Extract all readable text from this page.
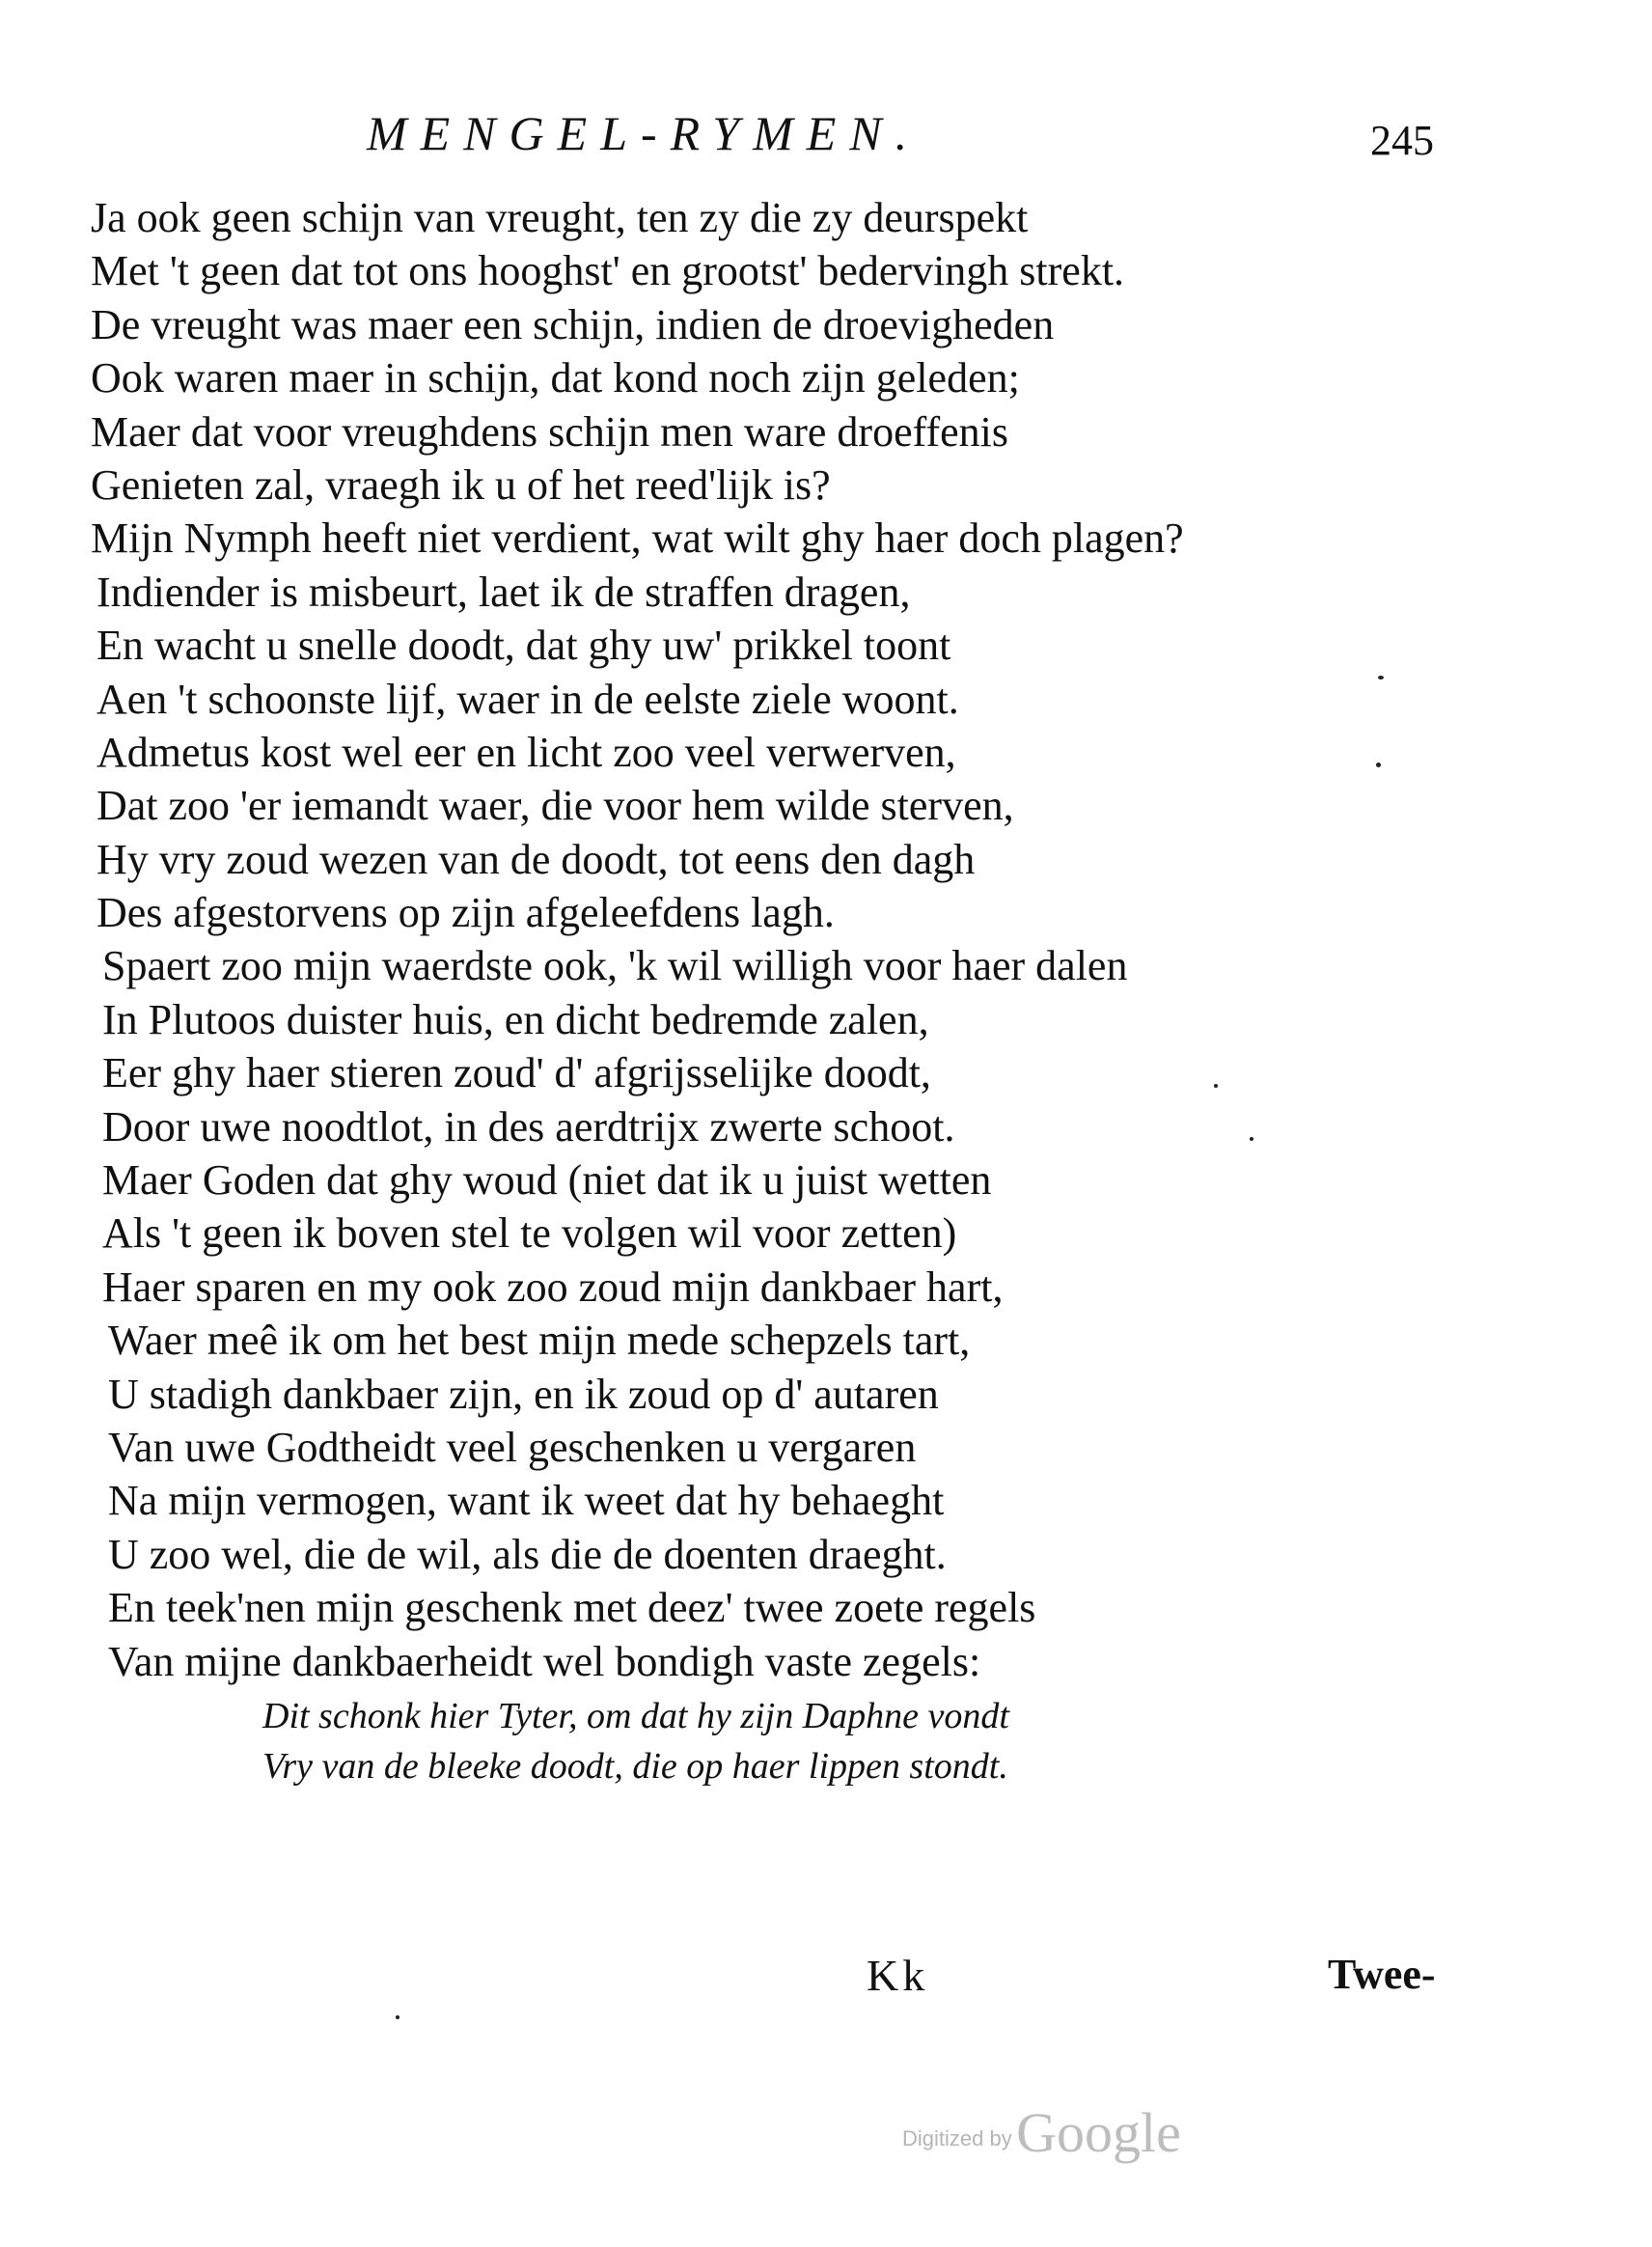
MENGEL-RYMEN.	245
Ja ook geen schijn van vreught, ten zy die zy deurspekt
Met 't geen dat tot ons hooghst' en grootst' bedervingh strekt.
De vreught was maer een schijn, indien de droevigheden
Ook waren maer in schijn, dat kond noch zijn geleden;
Maer dat voor vreughdens schijn men ware droeffenis
Genieten zal, vraegh ik u of het reed'lijk is?
Mijn Nymph heeft niet verdient, wat wilt ghy haer doch plagen?
Indiender is misbeurt, laet ik de straffen dragen,
En wacht u snelle doodt, dat ghy uw' prikkel toont
Aen 't schoonste lijf, waer in de eelste ziele woont.
Admetus kost wel eer en licht zoo veel verwerven,
Dat zoo 'er iemandt waer, die voor hem wilde sterven,
Hy vry zoud wezen van de doodt, tot eens den dagh
Des afgestorvens op zijn afgeleefdens lagh.
Spaert zoo mijn waerdste ook, 'k wil willigh voor haer dalen
In Plutoos duister huis, en dicht bedremde zalen,
Eer ghy haer stieren zoud' d' afgrijsselijke doodt,
Door uwe noodtlot, in des aerdtrijx zwerte schoot.
Maer Goden dat ghy woud (niet dat ik u juist wetten
Als 't geen ik boven stel te volgen wil voor zetten)
Haer sparen en my ook zoo zoud mijn dankbaer hart,
Waer meê ik om het best mijn mede schepzels tart,
U stadigh dankbaer zijn, en ik zoud op d' autaren
Van uwe Godtheidt veel geschenken u vergaren
Na mijn vermogen, want ik weet dat hy behaeght
U zoo wel, die de wil, als die de doenten draeght.
En teek'nen mijn geschenk met deez' twee zoete regels
Van mijne dankbaerheidt wel bondigh vaste zegels:
Dit schonk hier Tyter, om dat hy zijn Daphne vondt
Vry van de bleeke doodt, die op haer lippen stondt.
Kk	Twee-
Digitized by Google
